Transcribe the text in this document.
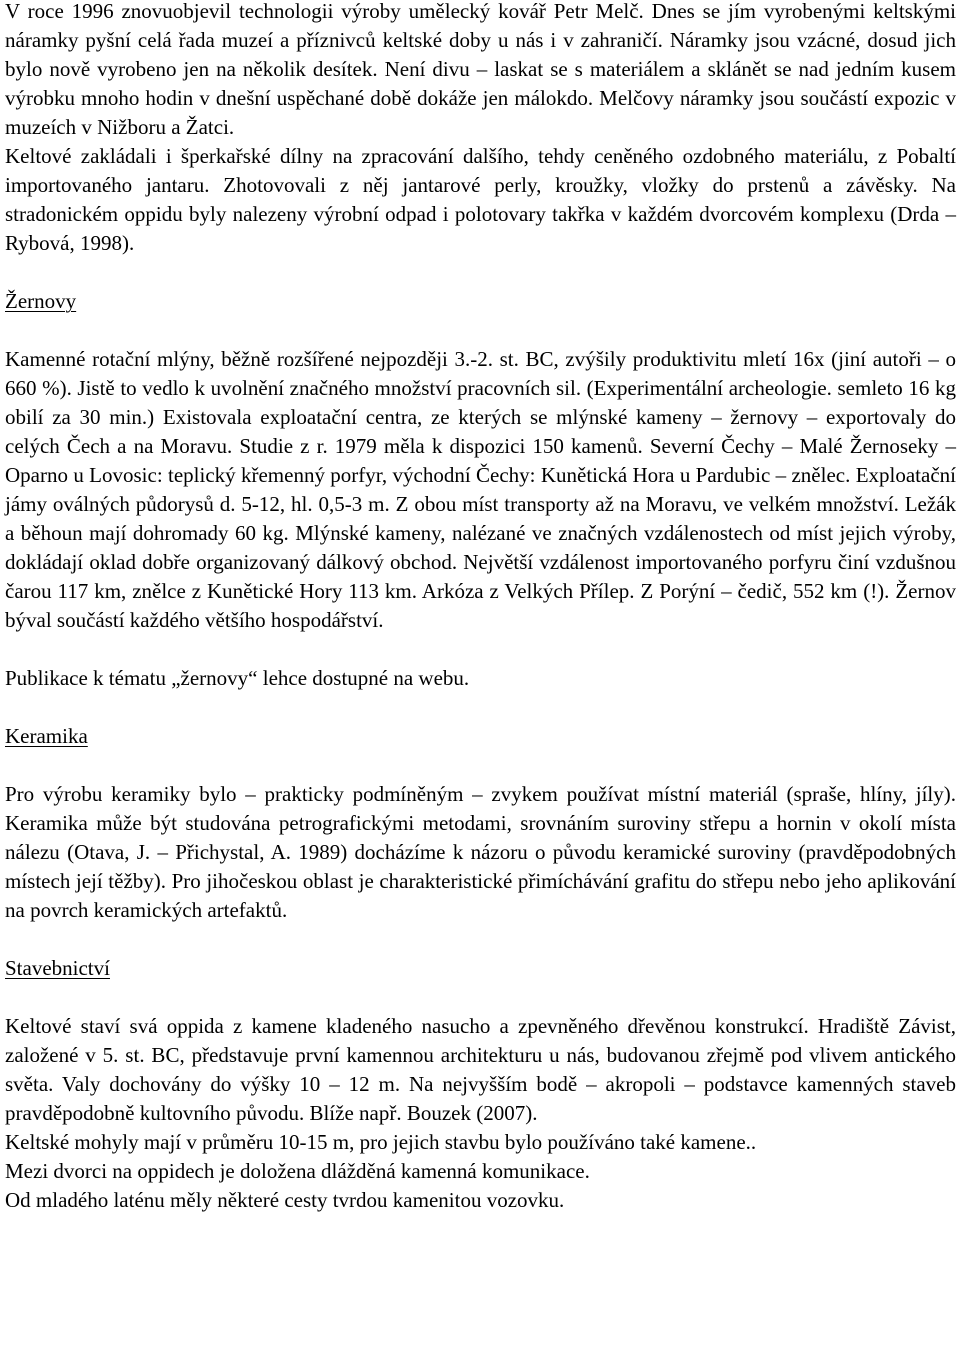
V roce 1996 znovuobjevil technologii výroby umělecký kovář Petr Melč. Dnes se jím vyrobenými keltskými náramky pyšní celá řada muzeí a příznivců keltské doby u nás i v zahraničí. Náramky jsou vzácné, dosud jich bylo nově vyrobeno jen na několik desítek. Není divu – laskat se s materiálem a sklánět se nad jedním kusem výrobku mnoho hodin v dnešní uspěchané době dokáže jen málokdo. Melčovy náramky jsou součástí expozic v muzeích v Nižboru a Žatci.

Keltové zakládali i šperkařské dílny na zpracování dalšího, tehdy ceněného ozdobného materiálu, z Pobaltí importovaného jantaru. Zhotovovali z něj jantarové perly, kroužky, vložky do prstenů a závěsky. Na stradonickém oppidu byly nalezeny výrobní odpad i polotovary takřka v každém dvorcovém komplexu (Drda – Rybová, 1998).

Žernovy

Kamenné rotační mlýny, běžně rozšířené nejpozději 3.-2. st. BC, zvýšily produktivitu mletí 16x (jiní autoři – o 660 %). Jistě to vedlo k uvolnění značného množství pracovních sil. (Experimentální archeologie. semleto 16 kg obilí za 30 min.) Existovala exploatační centra, ze kterých se mlýnské kameny – žernovy – exportovaly do celých Čech a na Moravu. Studie z r. 1979 měla k dispozici 150 kamenů. Severní Čechy – Malé Žernoseky – Oparno u Lovosic: teplický křemenný porfyr, východní Čechy: Kunětická Hora u Pardubic – znělec. Exploatační jámy oválných půdorysů d. 5-12, hl. 0,5-3 m. Z obou míst transporty až na Moravu, ve velkém množství. Ležák a běhoun mají dohromady 60 kg. Mlýnské kameny, nalézané ve značných vzdálenostech od míst jejich výroby, dokládají oklad dobře organizovaný dálkový obchod. Největší vzdálenost importovaného porfyru činí vzdušnou čarou 117 km, znělce z Kunětické Hory 113 km. Arkóza z Velkých Přílep. Z Porýní – čedič, 552 km (!). Žernov býval součástí každého většího hospodářství.

Publikace k tématu „žernovy“ lehce dostupné na webu.

Keramika

Pro výrobu keramiky bylo – prakticky podmíněným – zvykem používat místní materiál (spraše, hlíny, jíly). Keramika může být studována petrografickými metodami, srovnáním suroviny střepu a hornin v okolí místa nálezu (Otava, J. – Přichystal, A. 1989) docházíme k názoru o původu keramické suroviny (pravděpodobných místech její těžby). Pro jihočeskou oblast je charakteristické přimíchávání grafitu do střepu nebo jeho aplikování na povrch keramických artefaktů.

Stavebnictví

Keltové staví svá oppida z kamene kladeného nasucho a zpevněného dřevěnou konstrukcí. Hradiště Závist, založené v 5. st. BC, představuje první kamennou architekturu u nás, budovanou zřejmě pod vlivem antického světa. Valy dochovány do výšky 10 – 12 m. Na nejvyšším bodě – akropoli – podstavce kamenných staveb pravděpodobně kultovního původu. Blíže např. Bouzek (2007).

Keltské mohyly mají v průměru 10-15 m, pro jejich stavbu bylo používáno také kamene..

Mezi dvorci na oppidech je doložena dlážděná kamenná komunikace.

Od mladého laténu měly některé cesty tvrdou kamenitou vozovku.
